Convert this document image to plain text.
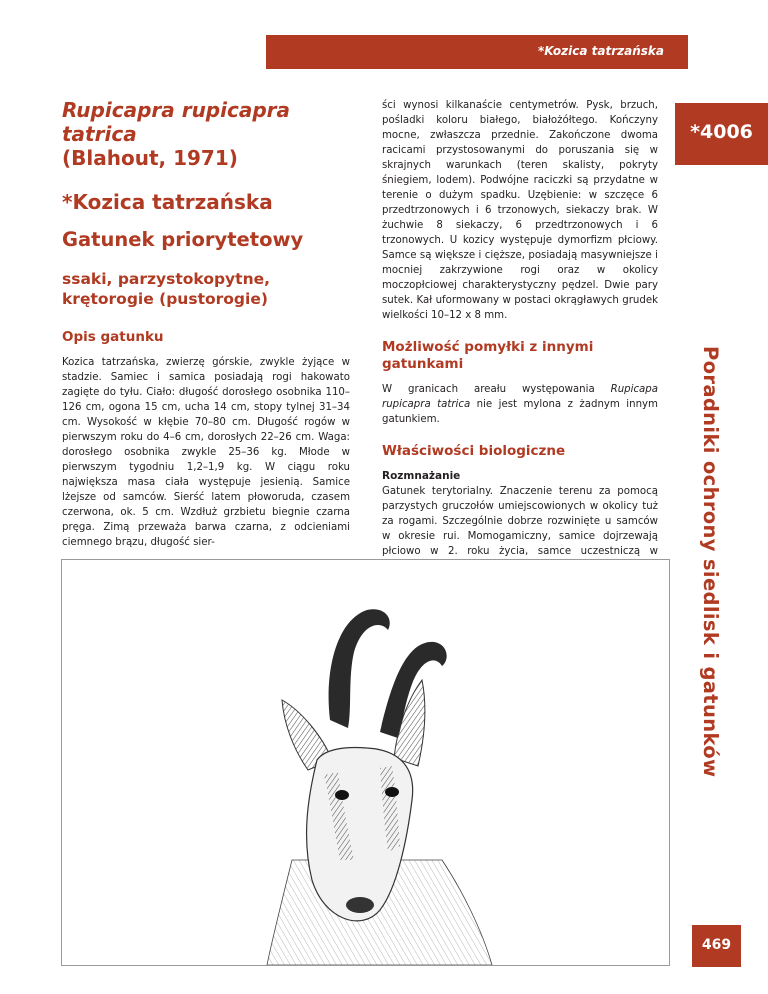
*Kozica tatrzańska
*4006
Poradniki ochrony siedlisk i gatunków

Rupicapra rupicapra

tatrica

(Blahout, 1971)

*Kozica tatrzańska

Gatunek priorytetowy

ssaki, parzystokopytne,
krętorogie (pustorogie)

Opis gatunku

Kozica tatrzańska, zwierzę górskie, zwykle żyjące w stadzie. Samiec i samica posiadają rogi hakowato zagięte do tyłu. Ciało: długość dorosłego osobnika 110–126 cm, ogona 15 cm, ucha 14 cm, stopy tylnej 31–34 cm. Wysokość w kłębie 70–80 cm. Długość rogów w pierwszym roku do 4–6 cm, dorosłych 22–26 cm. Waga: dorosłego osobnika zwykle 25–36 kg. Młode w pierwszym tygodniu 1,2–1,9 kg. W ciągu roku największa masa ciała występuje jesienią. Samice lżejsze od samców. Sierść latem płoworuda, czasem czerwona, ok. 5 cm. Wzdłuż grzbietu biegnie czarna pręga. Zimą przeważa barwa czarna, z odcieniami ciemnego brązu, długość sier-

ści wynosi kilkanaście centymetrów. Pysk, brzuch, pośladki koloru białego, białożółtego. Kończyny mocne, zwłaszcza przednie. Zakończone dwoma racicami przystosowanymi do poruszania się w skrajnych warunkach (teren skalisty, pokryty śniegiem, lodem). Podwójne raciczki są przydatne w terenie o dużym spadku. Uzębienie: w szczęce 6 przedtrzonowych i 6 trzonowych, siekaczy brak. W żuchwie 8 siekaczy, 6 przedtrzonowych i 6 trzonowych. U kozicy występuje dymorfizm płciowy. Samce są większe i cięższe, posiadają masywniejsze i mocniej zakrzywione rogi oraz w okolicy moczopłciowej charakterystyczny pędzel. Dwie pary sutek. Kał uformowany w postaci okrągławych grudek wielkości 10–12 x 8 mm.

Możliwość pomyłki z innymi gatunkami

W granicach areału występowania Rupicapa rupicapra tatrica nie jest mylona z żadnym innym gatunkiem.

Właściwości biologiczne

Rozmnażanie

Gatunek terytorialny. Znaczenie terenu za pomocą parzystych gruczołów umiejscowionych w okolicy tuż za rogami. Szczególnie dobrze rozwinięte u samców w okresie rui. Momogamiczny, samice dojrzewają płciowo w 2. roku życia, samce uczestniczą w

469
